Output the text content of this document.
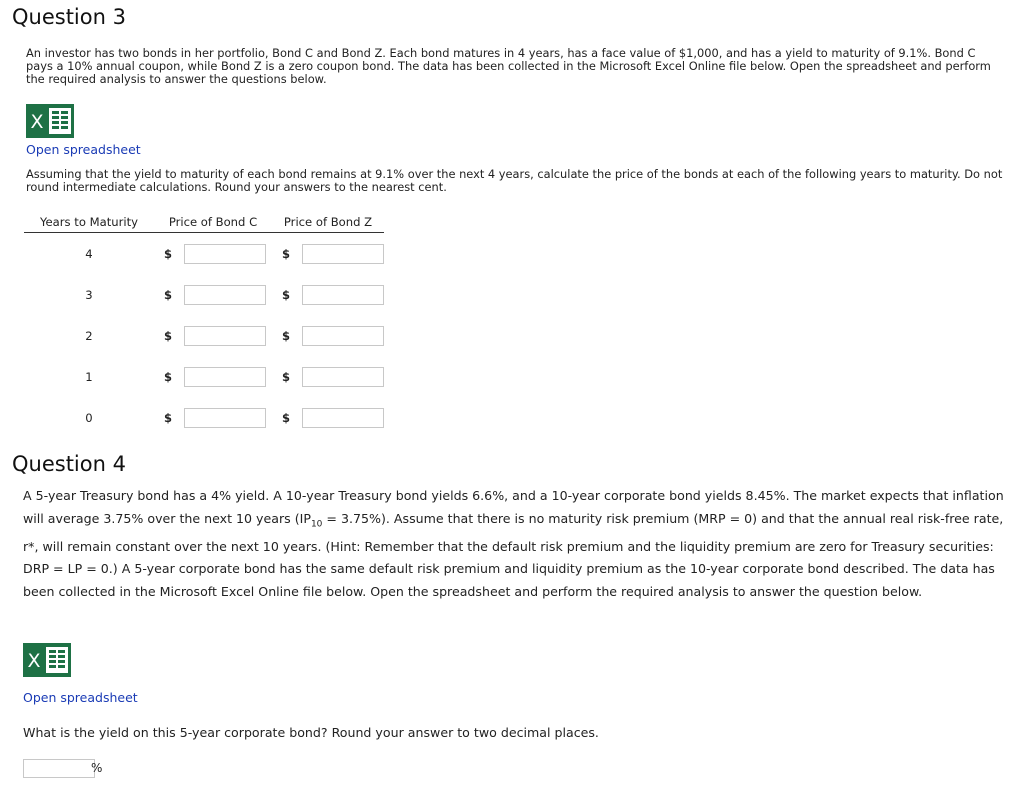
Question 3
An investor has two bonds in her portfolio, Bond C and Bond Z. Each bond matures in 4 years, has a face value of $1,000, and has a yield to maturity of 9.1%. Bond C pays a 10% annual coupon, while Bond Z is a zero coupon bond. The data has been collected in the Microsoft Excel Online file below. Open the spreadsheet and perform the required analysis to answer the questions below.
X
Open spreadsheet
Assuming that the yield to maturity of each bond remains at 9.1% over the next 4 years, calculate the price of the bonds at each of the following years to maturity. Do not round intermediate calculations. Round your answers to the nearest cent.
Years to Maturity	Price of Bond C	Price of Bond Z
4	$	$

3	$	$

2	$	$

1	$	$

0	$	$
Question 4
A 5-year Treasury bond has a 4% yield. A 10-year Treasury bond yields 6.6%, and a 10-year corporate bond yields 8.45%. The market expects that inflation will average 3.75% over the next 10 years $(IP_{10} = 3.75\%)$. Assume that there is no maturity risk premium (MRP = 0) and that the annual real risk-free rate, r*, will remain constant over the next 10 years. (Hint: Remember that the default risk premium and the liquidity premium are zero for Treasury securities: DRP = LP = 0.) A 5-year corporate bond has the same default risk premium and liquidity premium as the 10-year corporate bond described. The data has been collected in the Microsoft Excel Online file below. Open the spreadsheet and perform the required analysis to answer the question below.
X
Open spreadsheet
What is the yield on this 5-year corporate bond? Round your answer to two decimal places.
%
